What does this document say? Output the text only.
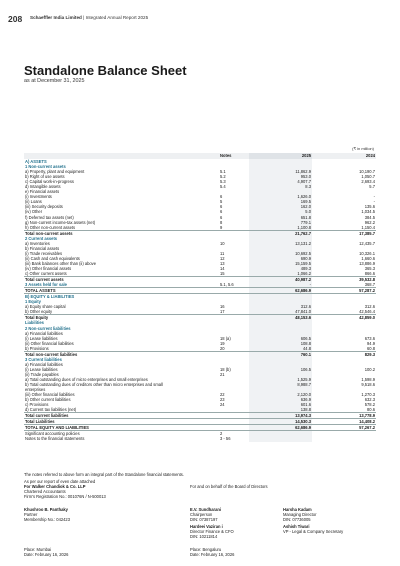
208 Schaeffler India Limited | Integrated Annual Report 2025
Standalone Balance Sheet
as at December 31, 2025
(₹ in million)
	Notes	2025	2024
A) ASSETS			
1 Non-current assets			
a) Property, plant and equipment	5.1	11,862.9	10,190.7
b) Right of use assets	5.2	953.0	1,050.7
c) Capital work-in-progress	5.3	4,907.7	2,693.4
d) Intangible assets	5.4	8.3	5.7
e) Financial assets			
(i) Investments	6	1,626.0	-
(ii) Loans	5	169.5	-
(iii) Security deposits	6	162.0	135.6
(iv) Other	6	5.0	1,034.5
f) Deferred tax assets (net)	6	651.8	384.5
g) Non-current income-tax assets (net)	8	779.1	962.2
h) Other non-current assets	9	1,100.8	1,150.4
Total non-current assets		21,762.7	17,385.7
2 Current assets			
a) Inventories	10	13,131.2	12,435.7
b) Financial assets			
(i) Trade receivables	11	10,692.5	10,326.1
(ii) Cash and cash equivalents	12	690.9	1,660.6
(iii) Bank balances other than (ii) above	13	15,159.5	13,886.9
(iv) Other financial assets	14	489.3	365.3
c) Other current assets	15	1,066.2	866.6
Total current assets		40,987.2	39,532.8
3 Assets held for sale	5.1, 5.6	-	368.7
TOTAL ASSETS		62,686.9	57,287.2
B) EQUITY & LIABILITIES			
1 Equity			
a) Equity share capital	16	312.6	312.6
b) Other equity	17	47,841.0	42,546.4
Total Equity		48,153.6	42,859.0
Liabilities			
2 Non-current liabilities			
a) Financial liabilities			
(i) Lease liabilities	18 (a)	606.5	673.6
(ii) Other financial liabilities	19	108.8	94.9
b) Provisions	20	44.8	60.8
Total non-current liabilities		760.1	829.3
3 Current liabilities			
a) Financial liabilities			
(i) Lease liabilities	18 (b)	106.5	100.2
(ii) Trade payables	21		
a) Total outstanding dues of micro enterprises and small enterprises		1,525.9	1,598.9
b) Total outstanding dues of creditors other than micro enterprises and small		8,988.7	9,518.6
enterprises			
(iii) Other financial liabilities	22	2,120.0	1,270.3
b) Other current liabilities	23	636.9	632.3
c) Provisions	24	601.6	578.2
d) Current tax liabilities (net)		138.8	80.6
Total current liabilities		13,974.3	13,778.9
Total Liabilities		14,530.3	14,408.2
TOTAL EQUITY AND LIABILITIES		62,686.9	57,267.2
Significant accounting policies	2		
Notes to the financial statements	3 - 56		
The notes referred to above form an integral part of the Standalone financial statements.
As per our report of even date attached
For Walker Chandiok & Co. LLP
Chartered Accountants
Firm's Registration No.: 001076N / N-500013
For and on behalf of the Board of Directors
Khushroo B. Panthaky
Partner
Membership No.: 042423
E.V. Sundharani
Chairperson
DIN: 07387197
Harsha Kadam
Managing Director
DIN: 07736005
Hardeei Vaziran i
Director Finance & CFO
DIN: 10211814
Ashish Tiwari
VP - Legal & Company Secretary
Place: Mumbai
Date: February 16, 2026
Place: Bengaluru
Date: February 16, 2026
